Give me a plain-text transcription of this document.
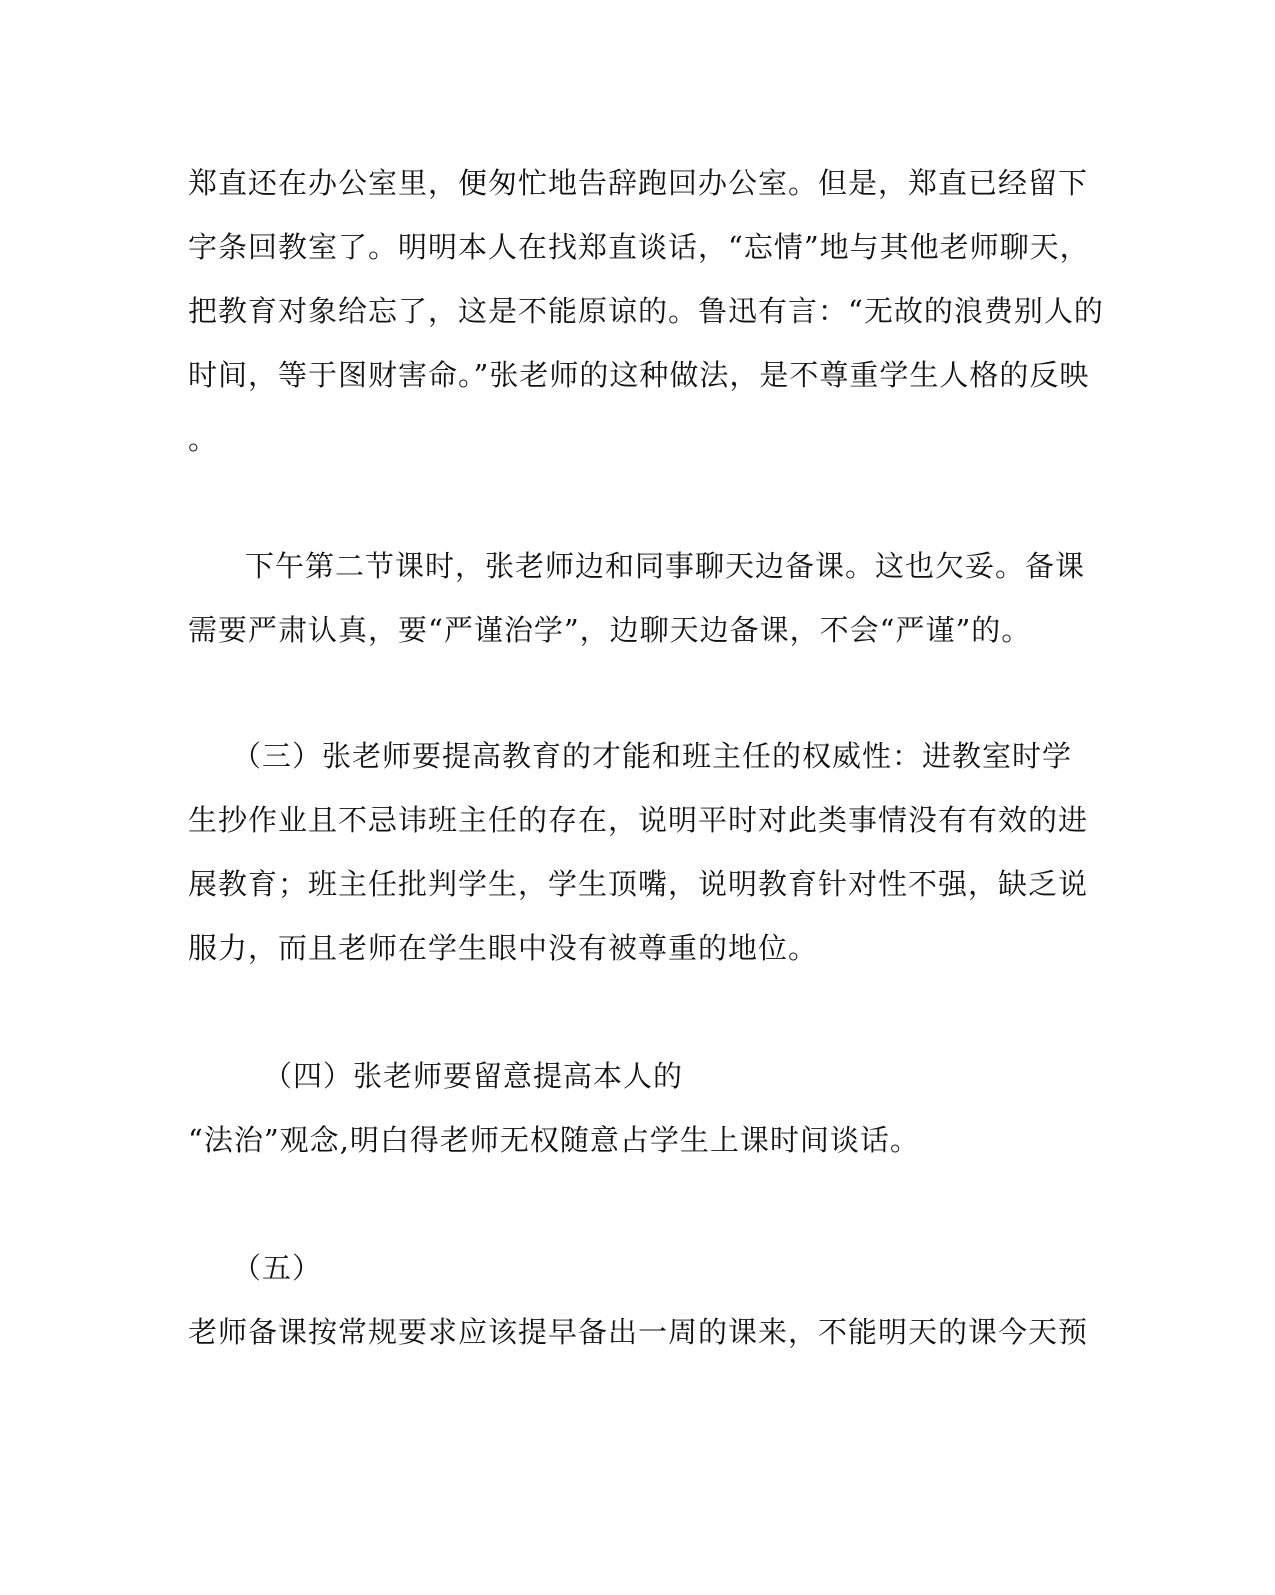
郑直还在办公室里，便匆忙地告辞跑回办公室。但是，郑直已经留下
字条回教室了。明明本人在找郑直谈话，“忘情”地与其他老师聊天，
把教育对象给忘了，这是不能原谅的。鲁迅有言：“无故的浪费别人的
时间，等于图财害命。”张老师的这种做法，是不尊重学生人格的反映
。
下午第二节课时，张老师边和同事聊天边备课。这也欠妥。备课
需要严肃认真，要“严谨治学”，边聊天边备课，不会“严谨”的。
（三）张老师要提高教育的才能和班主任的权威性：进教室时学
生抄作业且不忌讳班主任的存在，说明平时对此类事情没有有效的进
展教育；班主任批判学生，学生顶嘴，说明教育针对性不强，缺乏说
服力，而且老师在学生眼中没有被尊重的地位。
（四）张老师要留意提高本人的
“法治”观念,明白得老师无权随意占学生上课时间谈话。
（五）
老师备课按常规要求应该提早备出一周的课来，不能明天的课今天预
